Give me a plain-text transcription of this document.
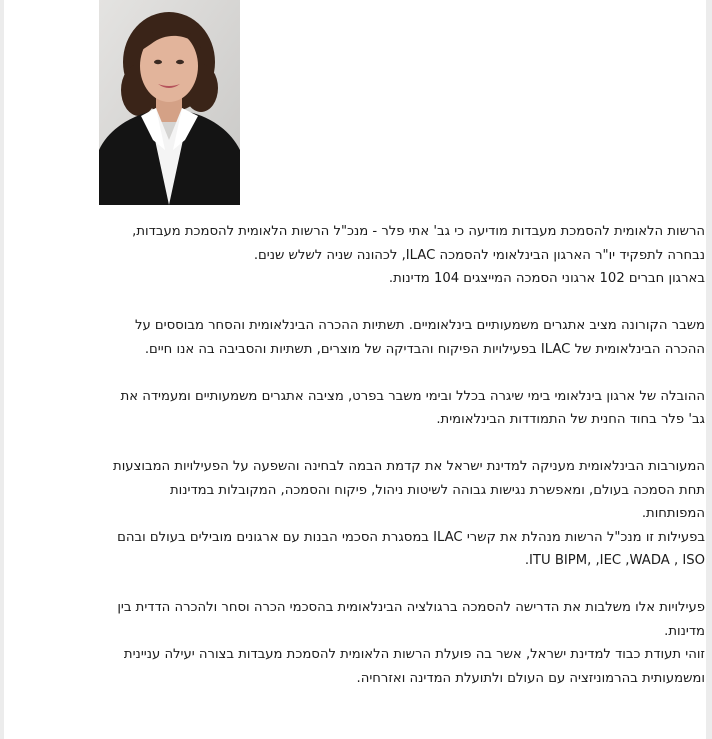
הרשות הלאומית להסמכת מעבדות מודיעה כי גב' אתי פלר - מנכ"ל הרשות הלאומית להסמכת מעבדות,
נבחרה לתפקיד יו"ר הארגון הבינלאומי להסמכה ILAC, לכהונה שניה לשלש שנים.
בארגון חברים 102 ארגוני הסמכה המייצגים 104 מדינות.

משבר הקורונה מציב אתגרים משמעותיים בינלאומיים. תשתיות ההכרה הבינלאומית והסחר מבוססים על
ההכרה הבינלאומית של ILAC בפעילויות הפיקוח והבדיקה של מוצרים, תשתיות והסביבה בה אנו חיים.

ההובלה של ארגון בינלאומי בימי שיגרה בכלל ובימי משבר בפרט, מציבה אתגרים משמעותיים ומעמידה את
גב' פלר בחוד החנית של התמודדות הבינלאומית.

המעורבות הבינלאומית מעניקה למדינת ישראל את קדמת הבמה לבחינה והשפעה על הפעילויות המבוצעות
תחת הסמכה בעולם, ומאפשרת נגישות גבוהה לשיטות ניהול, פיקוח והסמכה, המקובלות במדינות
המפותחות.
בפעילות זו מנכ"ל הרשות מנהלת את קשרי ILAC במסגרת הסכמי הבנות עם ארגונים מובילים בעולם ובהם
ITU BIPM, ,IEC ,WADA , ISO.

פעילויות אלו משלבות את הדרישה להסמכה ברגולציה הבינלאומית בהסכמי הכרה וסחר ולהכרה הדדית בין
מדינות.
זוהי תעודת כבוד למדינת ישראל, אשר בה פועלת הרשות הלאומית להסמכת מעבדות בצורה יעילה עניינית
ומשמעותית בהרמוניזציה עם העולם ולתועלת המדינה ואזרחיה.
